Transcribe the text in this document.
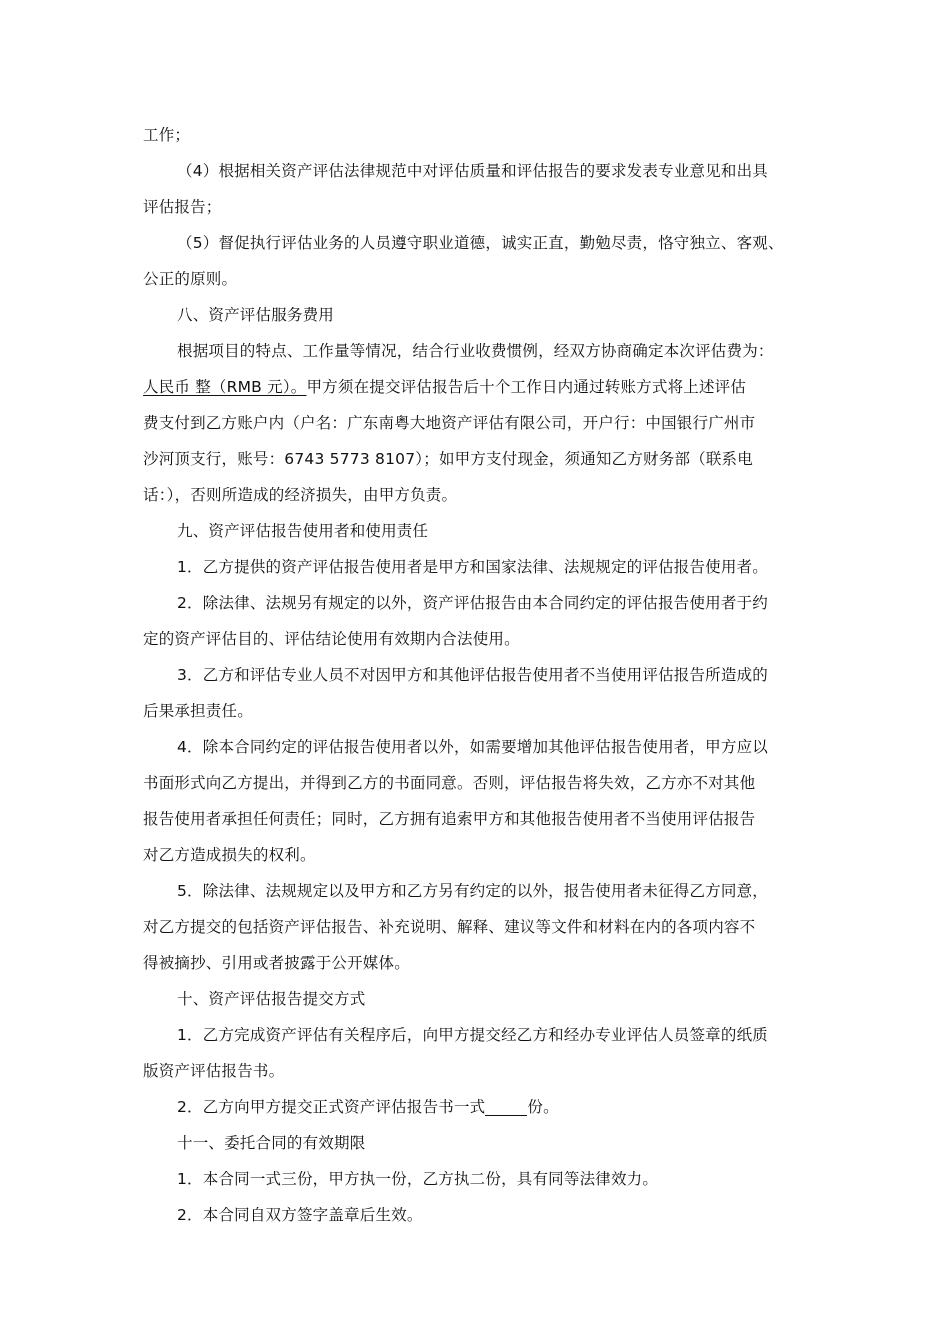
工作；
（4）根据相关资产评估法律规范中对评估质量和评估报告的要求发表专业意见和出具
评估报告；
（5）督促执行评估业务的人员遵守职业道德，诚实正直，勤勉尽责，恪守独立、客观、
公正的原则。
八、资产评估服务费用
根据项目的特点、工作量等情况，结合行业收费惯例，经双方协商确定本次评估费为：
人民币 整（RMB 元）。甲方须在提交评估报告后十个工作日内通过转账方式将上述评估
费支付到乙方账户内（户名：广东南粤大地资产评估有限公司，开户行：中国银行广州市
沙河顶支行，账号：6743 5773 8107）；如甲方支付现金，须通知乙方财务部（联系电
话：），否则所造成的经济损失，由甲方负责。
九、资产评估报告使用者和使用责任
1．乙方提供的资产评估报告使用者是甲方和国家法律、法规规定的评估报告使用者。
2．除法律、法规另有规定的以外，资产评估报告由本合同约定的评估报告使用者于约
定的资产评估目的、评估结论使用有效期内合法使用。
3．乙方和评估专业人员不对因甲方和其他评估报告使用者不当使用评估报告所造成的
后果承担责任。
4．除本合同约定的评估报告使用者以外，如需要增加其他评估报告使用者，甲方应以
书面形式向乙方提出，并得到乙方的书面同意。否则，评估报告将失效，乙方亦不对其他
报告使用者承担任何责任；同时，乙方拥有追索甲方和其他报告使用者不当使用评估报告
对乙方造成损失的权利。
5．除法律、法规规定以及甲方和乙方另有约定的以外，报告使用者未征得乙方同意，
对乙方提交的包括资产评估报告、补充说明、解释、建议等文件和材料在内的各项内容不
得被摘抄、引用或者披露于公开媒体。
十、资产评估报告提交方式
1．乙方完成资产评估有关程序后，向甲方提交经乙方和经办专业评估人员签章的纸质
版资产评估报告书。
2．乙方向甲方提交正式资产评估报告书一式	份。
十一、委托合同的有效期限
1．本合同一式三份，甲方执一份，乙方执二份，具有同等法律效力。
2．本合同自双方签字盖章后生效。
